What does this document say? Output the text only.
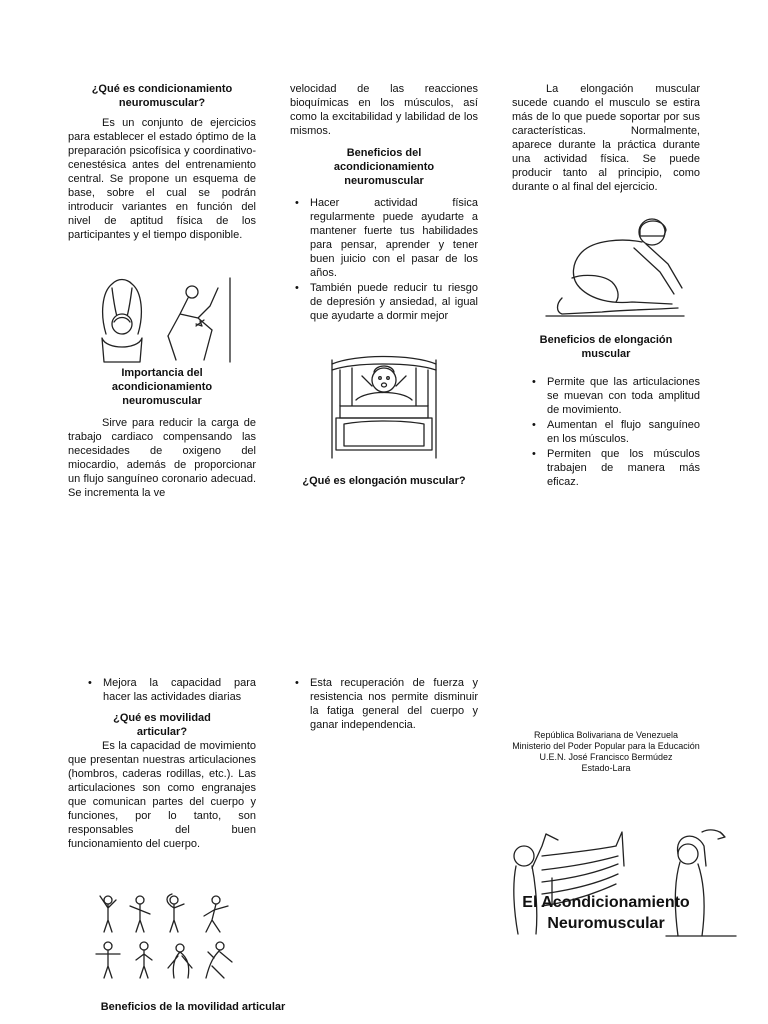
¿Qué es condicionamiento neuromuscular?

Es un conjunto de ejercicios para establecer el estado óptimo de la preparación psicofísica y coordinativo-cenestésica antes del entrenamiento central. Se propone un esquema de base, sobre el cual se podrán introducir variantes en función del nivel de aptitud física de los participantes y el tiempo disponible.

Importancia del acondicionamiento neuromuscular

Sirve para reducir la carga de trabajo cardiaco compensando las necesidades de oxigeno del miocardio, además de proporcionar un flujo sanguíneo coronario adecuad. Se incrementa la ve

velocidad de las reacciones bioquímicas en los músculos, así como la excitabilidad y labilidad de los mismos.

Beneficios del acondicionamiento neuromuscular

• Hacer actividad física regularmente puede ayudarte a mantener fuerte tus habilidades para pensar, aprender y tener buen juicio con el pasar de los años.
• También puede reducir tu riesgo de depresión y ansiedad, al igual que ayudarte a dormir mejor

¿Qué es elongación muscular?

La elongación muscular sucede cuando el musculo se estira más de lo que puede soportar por sus características. Normalmente, aparece durante la práctica durante una actividad física. Se puede producir tanto al principio, como durante o al final del ejercicio.

Beneficios de elongación muscular

• Permite que las articulaciones se muevan con toda amplitud de movimiento.
• Aumentan el flujo sanguíneo en los músculos.
• Permiten que los músculos trabajen de manera más eficaz.
• Mejora la capacidad para hacer las actividades diarias

¿Qué es movilidad articular?

Es la capacidad de movimiento que presentan nuestras articulaciones (hombros, caderas rodillas, etc.). Las articulaciones son como engranajes que comunican partes del cuerpo y funciones, por lo tanto, son responsables del buen funcionamiento del cuerpo.

Beneficios de la movilidad articular

• Esta recuperación de fuerza y resistencia nos permite disminuir la fatiga general del cuerpo y ganar independencia.
República Bolivariana de Venezuela
Ministerio del Poder Popular para la Educación
U.E.N. José Francisco Bermúdez
Estado-Lara
El Acondicionamiento
Neuromuscular
